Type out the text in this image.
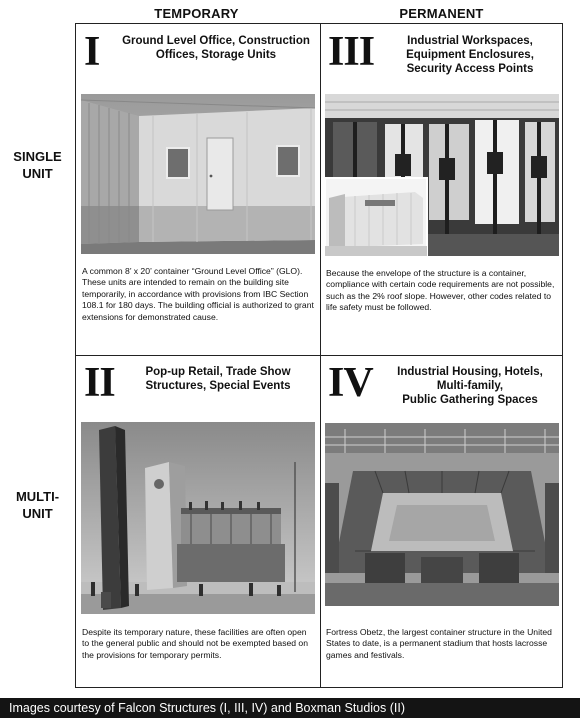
TEMPORARY	PERMANENT
SINGLE
UNIT
MULTI-
UNIT
I	Ground Level Office, Construction
Offices, Storage Units
A common 8’ x 20’ container “Ground Level Office” (GLO). These units are intended to remain on the building site temporarily, in accordance with provisions from IBC Section 108.1 for 180 days. The building official is authorized to grant extensions for demonstrated cause.
III	Industrial Workspaces,
Equipment Enclosures,
Security Access Points
Because the envelope of the structure is a container, compliance with certain code requirements are not possible, such as the 2% roof slope. However, other codes related to life safety must be followed.
II	Pop-up Retail, Trade Show
Structures, Special Events
Despite its temporary nature, these facilities are often open to the general public and should not be exempted based on the provisions for temporary permits.
IV	Industrial Housing, Hotels,
Multi-family,
Public Gathering Spaces
Fortress Obetz, the largest container structure in the United States to date, is a permanent stadium that hosts lacrosse games and festivals.
Images courtesy of Falcon Structures (I, III, IV) and Boxman Studios (II)
